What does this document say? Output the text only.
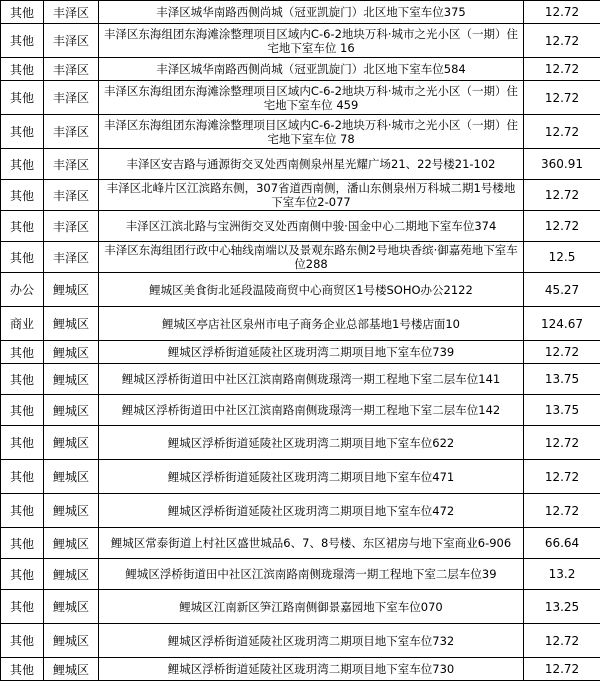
其他	丰泽区	丰泽区城华南路西侧尚城（冠亚凯旋门）北区地下室车位375	12.72
其他	丰泽区	丰泽区东海组团东海滩涂整理项目区域内C-6-2地块万科·城市之光小区（一期）住宅地下室车位 16	12.72
其他	丰泽区	丰泽区城华南路西侧尚城（冠亚凯旋门）北区地下室车位584	12.72
其他	丰泽区	丰泽区东海组团东海滩涂整理项目区域内C-6-2地块万科·城市之光小区（一期）住宅地下室车位 459	12.72
其他	丰泽区	丰泽区东海组团东海滩涂整理项目区域内C-6-2地块万科·城市之光小区（一期）住宅地下室车位 78	12.72
其他	丰泽区	丰泽区安吉路与通源街交叉处西南侧泉州星光耀广场21、22号楼21-102	360.91
其他	丰泽区	丰泽区北峰片区江滨路东侧，307省道西南侧，潘山东侧泉州万科城二期1号楼地下室车位2-077	12.72
其他	丰泽区	丰泽区江滨北路与宝洲街交叉处西南侧中骏·国金中心二期地下室车位374	12.72
其他	丰泽区	丰泽区东海组团行政中心轴线南端以及景观东路东侧2号地块香缤·御嘉苑地下室车位288	12.5
办公	鲤城区	鲤城区美食街北延段温陵商贸中心商贸区1号楼SOHO办公2122	45.27
商业	鲤城区	鲤城区亭店社区泉州市电子商务企业总部基地1号楼店面10	124.67
其他	鲤城区	鲤城区浮桥街道延陵社区珑玥湾二期项目地下室车位739	12.72
其他	鲤城区	鲤城区浮桥街道田中社区江滨南路南侧珑璟湾一期工程地下室二层车位141	13.75
其他	鲤城区	鲤城区浮桥街道田中社区江滨南路南侧珑璟湾一期工程地下室二层车位142	13.75
其他	鲤城区	鲤城区浮桥街道延陵社区珑玥湾二期项目地下室车位622	12.72
其他	鲤城区	鲤城区浮桥街道延陵社区珑玥湾二期项目地下室车位471	12.72
其他	鲤城区	鲤城区浮桥街道延陵社区珑玥湾二期项目地下室车位472	12.72
其他	鲤城区	鲤城区常泰街道上村社区盛世城品6、7、8号楼、东区裙房与地下室商业6-906	66.64
其他	鲤城区	鲤城区浮桥街道田中社区江滨南路南侧珑璟湾一期工程地下室二层车位39	13.2
其他	鲤城区	鲤城区江南新区笋江路南侧御景嘉园地下室车位070	13.25
其他	鲤城区	鲤城区浮桥街道延陵社区珑玥湾二期项目地下室车位732	12.72
其他	鲤城区	鲤城区浮桥街道延陵社区珑玥湾二期项目地下室车位730	12.72
